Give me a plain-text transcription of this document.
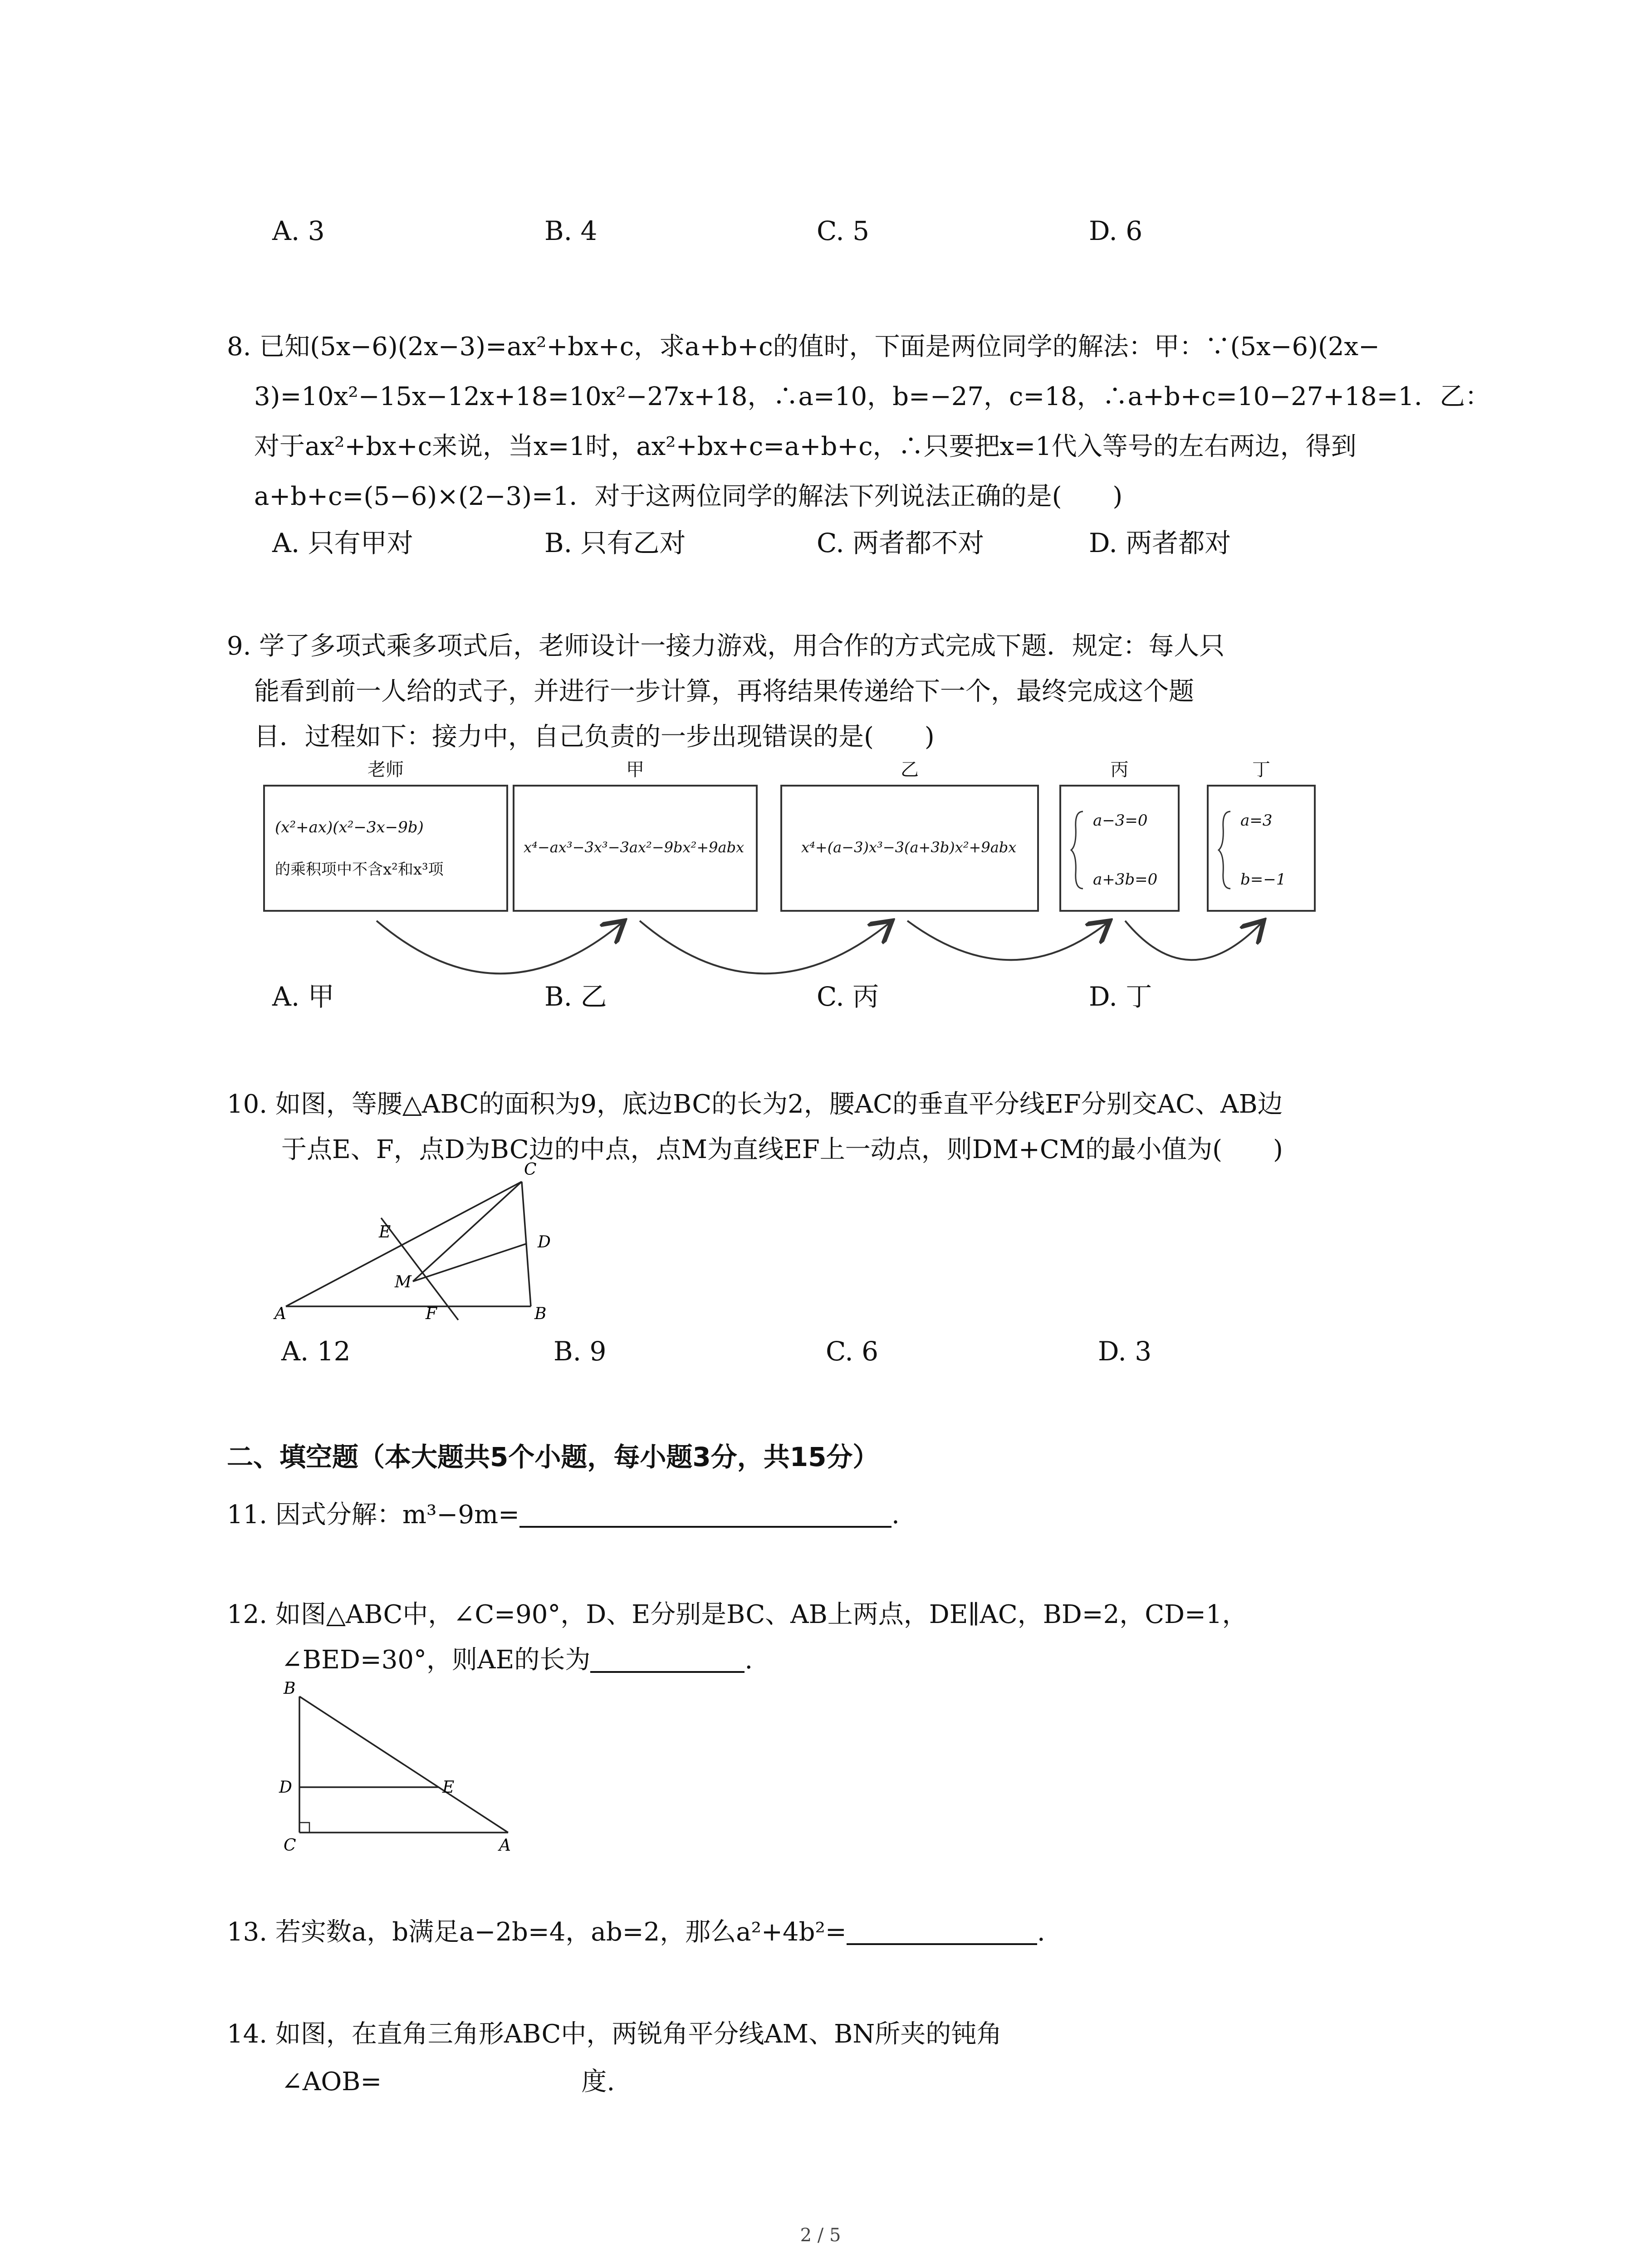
A. 3	B. 4	C. 5	D. 6
8. 已知(5x−6)(2x−3)=ax²+bx+c，求a+b+c的值时，下面是两位同学的解法：甲：∵(5x−6)(2x−
3)=10x²−15x−12x+18=10x²−27x+18，∴a=10，b=−27，c=18，∴a+b+c=10−27+18=1．乙：
对于ax²+bx+c来说，当x=1时，ax²+bx+c=a+b+c，∴只要把x=1代入等号的左右两边，得到
a+b+c=(5−6)×(2−3)=1．对于这两位同学的解法下列说法正确的是(　　)
A. 只有甲对	B. 只有乙对	C. 两者都不对	D. 两者都对
9. 学了多项式乘多项式后，老师设计一接力游戏，用合作的方式完成下题．规定：每人只
能看到前一人给的式子，并进行一步计算，再将结果传递给下一个，最终完成这个题
目．过程如下：接力中，自己负责的一步出现错误的是(　　)
老师
(x²+ax)(x²−3x−9b)
的乘积项中不含x²和x³项
甲
x⁴−ax³−3x³−3ax²−9bx²+9abx
乙
x⁴+(a−3)x³−3(a+3b)x²+9abx
丙
a−3=0
a+3b=0
丁
a=3
b=−1
A. 甲	B. 乙	C. 丙	D. 丁
10. 如图，等腰△ABC的面积为9，底边BC的长为2，腰AC的垂直平分线EF分别交AC、AB边
于点E、F，点D为BC边的中点，点M为直线EF上一动点，则DM+CM的最小值为(　　)
A	B
C
D
E
F
M
A. 12	B. 9	C. 6	D. 3
二、填空题（本大题共5个小题，每小题3分，共15分）
11. 因式分解：m³−9m=	.
12. 如图△ABC中，∠C=90°，D、E分别是BC、AB上两点，DE∥AC，BD=2，CD=1，
∠BED=30°，则AE的长为	.
B
D	E
C	A
13. 若实数a，b满足a−2b=4，ab=2，那么a²+4b²=	.
14. 如图，在直角三角形ABC中，两锐角平分线AM、BN所夹的钝角
∠AOB=	度.
2 / 5
